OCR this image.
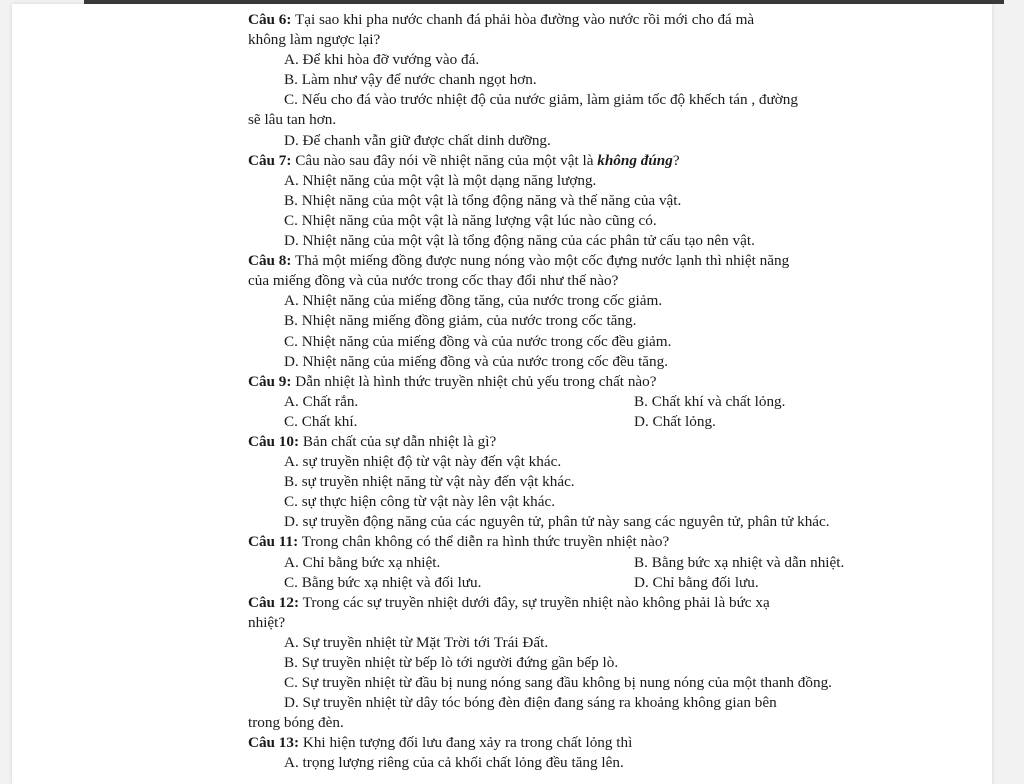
Câu 6: Tại sao khi pha nước chanh đá phải hòa đường vào nước rồi mới cho đá mà
không làm ngược lại?
A. Để khi hòa đỡ vướng vào đá.
B. Làm như vậy để nước chanh ngọt hơn.
C. Nếu cho đá vào trước nhiệt độ của nước giảm, làm giảm tốc độ khếch tán , đường
sẽ lâu tan hơn.
D. Để chanh vẫn giữ được chất dinh dưỡng.
Câu 7: Câu nào sau đây nói về nhiệt năng của một vật là không đúng?
A. Nhiệt năng của một vật là một dạng năng lượng.
B. Nhiệt năng của một vật là tổng động năng và thế năng của vật.
C. Nhiệt năng của một vật là năng lượng vật lúc nào cũng có.
D. Nhiệt năng của một vật là tổng động năng của các phân tử cấu tạo nên vật.
Câu 8: Thả một miếng đồng được nung nóng vào một cốc đựng nước lạnh thì nhiệt năng
của miếng đồng và của nước trong cốc thay đổi như thế nào?
A. Nhiệt năng của miếng đồng tăng, của nước trong cốc giảm.
B. Nhiệt năng miếng đồng giảm, của nước trong cốc tăng.
C. Nhiệt năng của miếng đồng và của nước trong cốc đều giảm.
D. Nhiệt năng của miếng đồng và của nước trong cốc đều tăng.
Câu 9: Dẫn nhiệt là hình thức truyền nhiệt chủ yếu trong chất nào?
A. Chất rắn.	B. Chất khí và chất lỏng.
C. Chất khí.	D. Chất lỏng.
Câu 10: Bản chất của sự dẫn nhiệt là gì?
A. sự truyền nhiệt độ từ vật này đến vật khác.
B. sự truyền nhiệt năng từ vật này đến vật khác.
C. sự thực hiện công từ vật này lên vật khác.
D. sự truyền động năng của các nguyên tử, phân tử này sang các nguyên tử, phân tử khác.
Câu 11: Trong chân không có thể diễn ra hình thức truyền nhiệt nào?
A. Chỉ bằng bức xạ nhiệt.	B. Bằng bức xạ nhiệt và dẫn nhiệt.
C. Bằng bức xạ nhiệt và đối lưu.	D. Chỉ bằng đối lưu.
Câu 12: Trong các sự truyền nhiệt dưới đây, sự truyền nhiệt nào không phải là bức xạ
nhiệt?
A. Sự truyền nhiệt từ Mặt Trời tới Trái Đất.
B. Sự truyền nhiệt từ bếp lò tới người đứng gần bếp lò.
C. Sự truyền nhiệt từ đầu bị nung nóng sang đầu không bị nung nóng của một thanh đồng.
D. Sự truyền nhiệt từ dây tóc bóng đèn điện đang sáng ra khoảng không gian bên
trong bóng đèn.
Câu 13: Khi hiện tượng đối lưu đang xảy ra trong chất lỏng thì
A. trọng lượng riêng của cả khối chất lỏng đều tăng lên.
